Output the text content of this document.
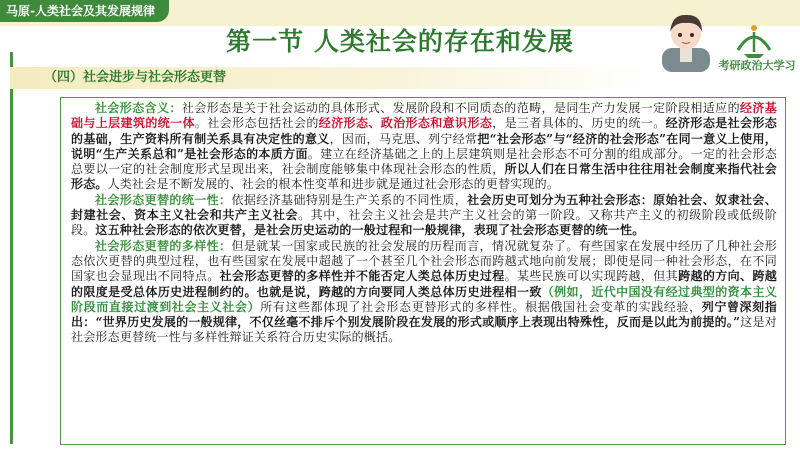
马原-人类社会及其发展规律
第一节 人类社会的存在和发展
考研政治大学习
（四）社会进步与社会形态更替

社会形态含义：社会形态是关于社会运动的具体形式、发展阶段和不同质态的范畴，是同生产力发展一定阶段相适应的经济基础与上层建筑的统一体。社会形态包括社会的经济形态、政治形态和意识形态，是三者具体的、历史的统一。经济形态是社会形态的基础，生产资料所有制关系具有决定性的意义，因而，马克思、列宁经常把“社会形态”与“经济的社会形态”在同一意义上使用，说明“生产关系总和”是社会形态的本质方面。建立在经济基础之上的上层建筑则是社会形态不可分割的组成部分。一定的社会形态总要以一定的社会制度形式呈现出来，社会制度能够集中体现社会形态的性质，所以人们在日常生活中往往用社会制度来指代社会形态。人类社会是不断发展的、社会的根本性变革和进步就是通过社会形态的更替实现的。

社会形态更替的统一性：依据经济基础特别是生产关系的不同性质，社会历史可划分为五种社会形态：原始社会、奴隶社会、封建社会、资本主义社会和共产主义社会。其中，社会主义社会是共产主义社会的第一阶段。又称共产主义的初级阶段或低级阶段。这五种社会形态的依次更替，是社会历史运动的一般过程和一般规律，表现了社会形态更替的统一性。

社会形态更替的多样性：但是就某一国家或民族的社会发展的历程而言，情况就复杂了。有些国家在发展中经历了几种社会形态依次更替的典型过程，也有些国家在发展中超越了一个甚至几个社会形态而跨越式地向前发展；即使是同一种社会形态，在不同国家也会显现出不同特点。社会形态更替的多样性并不能否定人类总体历史过程。某些民族可以实现跨越，但其跨越的方向、跨越的限度是受总体历史进程制约的。也就是说，跨越的方向要同人类总体历史进程相一致（例如，近代中国没有经过典型的资本主义阶段而直接过渡到社会主义社会）所有这些都体现了社会形态更替形式的多样性。根据俄国社会变革的实践经验，列宁曾深刻指出：“世界历史发展的一般规律，不仅丝毫不排斥个别发展阶段在发展的形式或顺序上表现出特殊性，反而是以此为前提的。”这是对社会形态更替统一性与多样性辩证关系符合历史实际的概括。
